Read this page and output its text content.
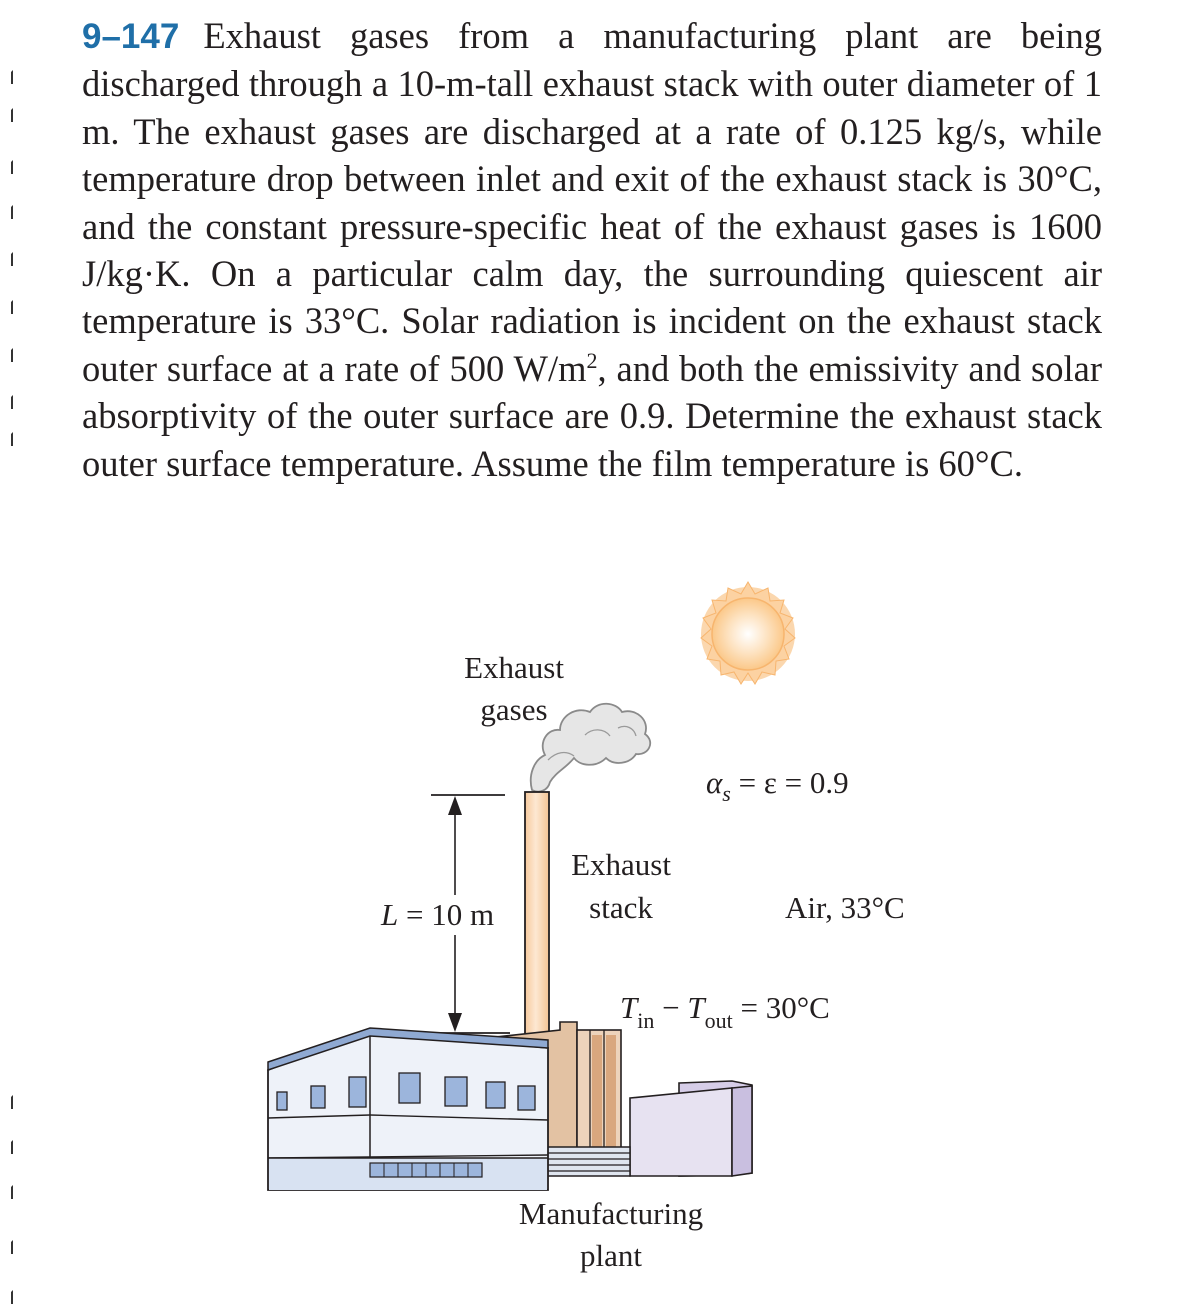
9–147 Exhaust gases from a manufacturing plant are being discharged through a 10-m-tall exhaust stack with outer diameter of 1 m. The exhaust gases are discharged at a rate of 0.125 kg/s, while temperature drop between inlet and exit of the exhaust stack is 30°C, and the constant pressure-specific heat of the exhaust gases is 1600 J/kg·K. On a particular calm day, the surrounding quiescent air temperature is 33°C. Solar radiation is incident on the exhaust stack outer surface at a rate of 500 $W/m^2$, and both the emissivity and solar absorptivity of the outer surface are 0.9. Determine the exhaust stack outer surface temperature. Assume the film temperature is 60°C.
Exhaust
gases
$\alpha_s = \varepsilon = 0.9$
Exhaust
stack
L = 10 m	Air, 33°C
$T_{in} - T_{out} = 30^\circ C$
Manufacturing
plant
